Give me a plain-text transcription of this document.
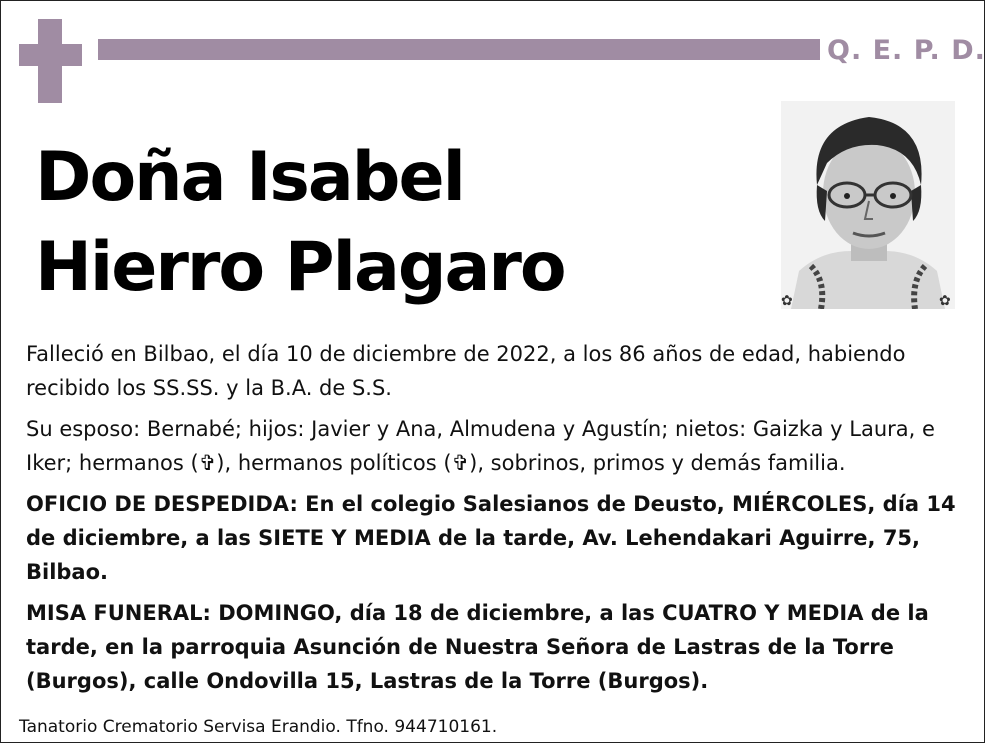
Q. E. P. D.
Doña Isabel
Hierro Plagaro	✿	✿

Falleció en Bilbao, el día 10 de diciembre de 2022, a los 86 años de edad, habiendo recibido los SS.SS. y la B.A. de S.S.

Su esposo: Bernabé; hijos: Javier y Ana, Almudena y Agustín; nietos: Gaizka y Laura, e Iker; hermanos (✞), hermanos políticos (✞), sobrinos, primos y demás familia.

OFICIO DE DESPEDIDA: En el colegio Salesianos de Deusto, MIÉRCOLES, día 14 de diciembre, a las SIETE Y MEDIA de la tarde, Av. Lehendakari Aguirre, 75, Bilbao.

MISA FUNERAL: DOMINGO, día 18 de diciembre, a las CUATRO Y MEDIA de la tarde, en la parroquia Asunción de Nuestra Señora de Lastras de la Torre (Burgos), calle Ondovilla 15, Lastras de la Torre (Burgos).

Tanatorio Crematorio Servisa Erandio. Tfno. 944710161.
